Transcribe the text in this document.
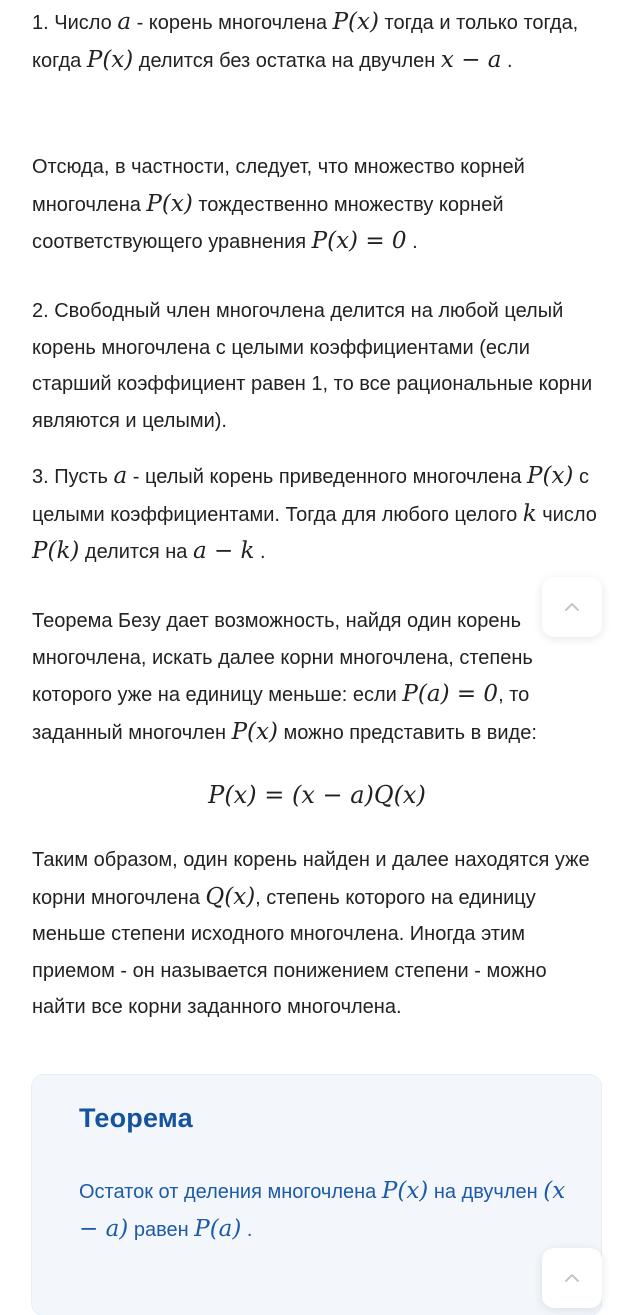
1. Число a - корень многочлена P(x) тогда и только тогда, когда P(x) делится без остатка на двучлен x − a .
Отсюда, в частности, следует, что множество корней многочлена P(x) тождественно множеству корней соответствующего уравнения P(x) = 0 .
2. Свободный член многочлена делится на любой целый корень многочлена с целыми коэффициентами (если старший коэффициент равен 1, то все рациональные корни являются и целыми).
3. Пусть a - целый корень приведенного многочлена P(x) с целыми коэффициентами. Тогда для любого целого k число P(k) делится на a − k .
Теорема Безу дает возможность, найдя один корень многочлена, искать далее корни многочлена, степень которого уже на единицу меньше: если P(a) = 0, то заданный многочлен P(x) можно представить в виде:
P(x) = (x − a)Q(x)
Таким образом, один корень найден и далее находятся уже корни многочлена Q(x), степень которого на единицу меньше степени исходного многочлена. Иногда этим приемом - он называется понижением степени - можно найти все корни заданного многочлена.
Теорема
Остаток от деления многочлена P(x) на двучлен (x − a) равен P(a) .
